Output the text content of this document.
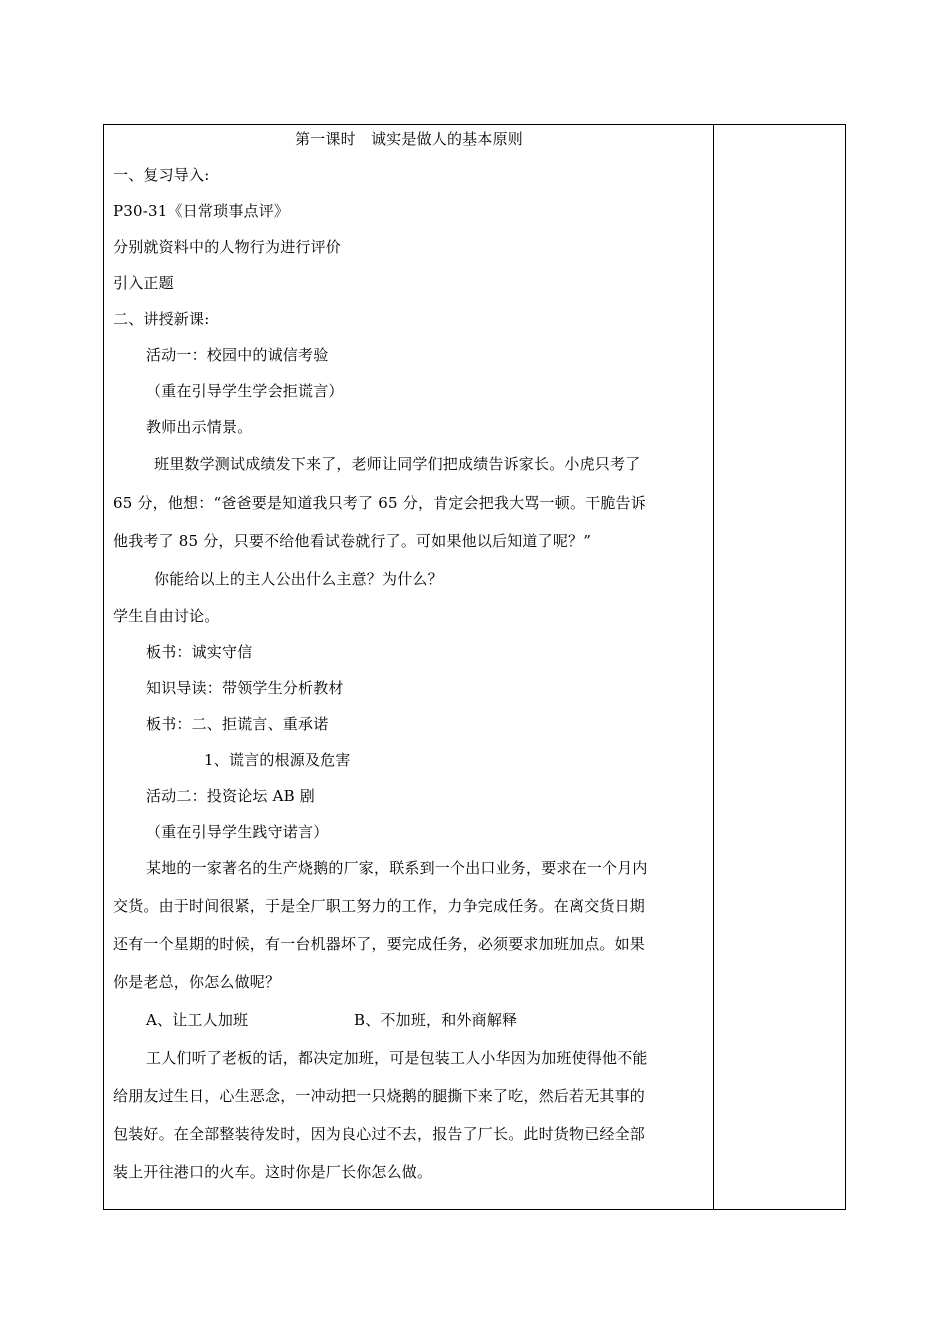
第一课时　诚实是做人的基本原则
一、复习导入:
P30-31《日常琐事点评》
分别就资料中的人物行为进行评价
引入正题
二、讲授新课:
活动一：校园中的诚信考验
（重在引导学生学会拒谎言）
教师出示情景。
班里数学测试成绩发下来了，老师让同学们把成绩告诉家长。小虎只考了
65 分，他想：“爸爸要是知道我只考了 65 分，肯定会把我大骂一顿。干脆告诉
他我考了 85 分，只要不给他看试卷就行了。可如果他以后知道了呢？”
你能给以上的主人公出什么主意？为什么？
学生自由讨论。
板书：诚实守信
知识导读：带领学生分析教材
板书：二、拒谎言、重承诺
1、谎言的根源及危害
活动二：投资论坛 AB 剧
（重在引导学生践守诺言）
某地的一家著名的生产烧鹅的厂家，联系到一个出口业务，要求在一个月内
交货。由于时间很紧，于是全厂职工努力的工作，力争完成任务。在离交货日期
还有一个星期的时候，有一台机器坏了，要完成任务，必须要求加班加点。如果
你是老总，你怎么做呢？
A、让工人加班	B、不加班，和外商解释
工人们听了老板的话，都决定加班，可是包装工人小华因为加班使得他不能
给朋友过生日，心生恶念，一冲动把一只烧鹅的腿撕下来了吃，然后若无其事的
包装好。在全部整装待发时，因为良心过不去，报告了厂长。此时货物已经全部
装上开往港口的火车。这时你是厂长你怎么做。
